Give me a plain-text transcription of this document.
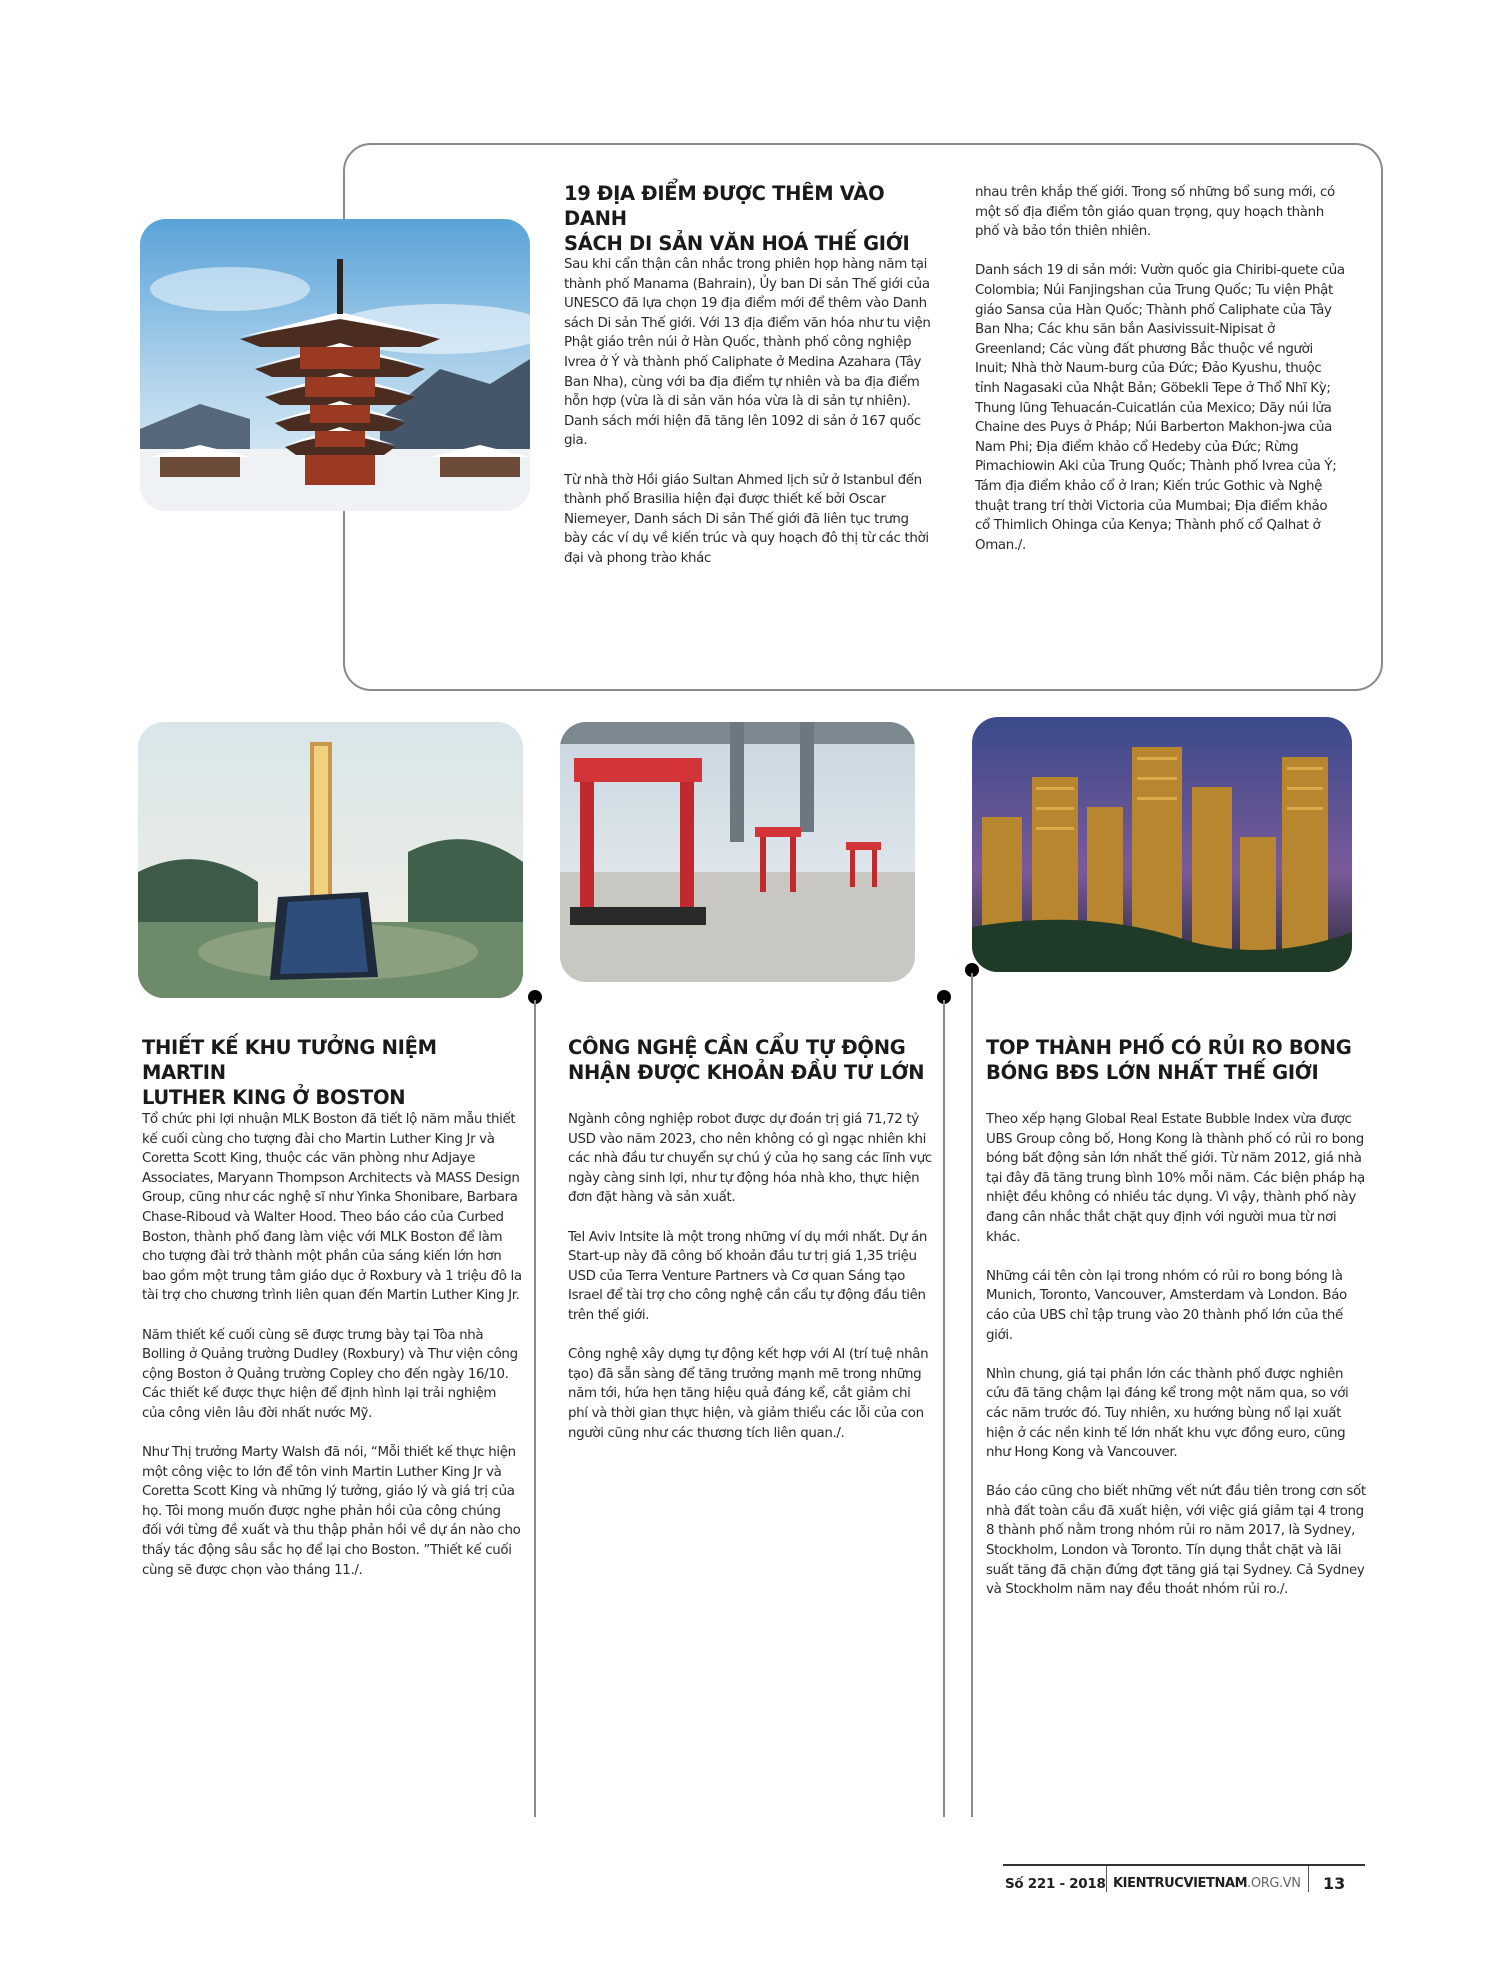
19 ĐỊA ĐIỂM ĐƯỢC THÊM VÀO DANH
SÁCH DI SẢN VĂN HOÁ THẾ GIỚI

Sau khi cẩn thận cân nhắc trong phiên họp hàng năm tại thành phố Manama (Bahrain), Ủy ban Di sản Thế giới của UNESCO đã lựa chọn 19 địa điểm mới để thêm vào Danh sách Di sản Thế giới. Với 13 địa điểm văn hóa như tu viện Phật giáo trên núi ở Hàn Quốc, thành phố công nghiệp Ivrea ở Ý và thành phố Caliphate ở Medina Azahara (Tây Ban Nha), cùng với ba địa điểm tự nhiên và ba địa điểm hỗn hợp (vừa là di sản văn hóa vừa là di sản tự nhiên). Danh sách mới hiện đã tăng lên 1092 di sản ở 167 quốc gia.

Từ nhà thờ Hồi giáo Sultan Ahmed lịch sử ở Istanbul đến thành phố Brasilia hiện đại được thiết kế bởi Oscar Niemeyer, Danh sách Di sản Thế giới đã liên tục trưng bày các ví dụ về kiến trúc và quy hoạch đô thị từ các thời đại và phong trào khác

nhau trên khắp thế giới. Trong số những bổ sung mới, có một số địa điểm tôn giáo quan trọng, quy hoạch thành phố và bảo tồn thiên nhiên.

Danh sách 19 di sản mới: Vườn quốc gia Chiribi-quete của Colombia; Núi Fanjingshan của Trung Quốc; Tu viện Phật giáo Sansa của Hàn Quốc; Thành phố Caliphate của Tây Ban Nha; Các khu săn bắn Aasivissuit-Nipisat ở Greenland; Các vùng đất phương Bắc thuộc về người Inuit; Nhà thờ Naum-burg của Đức; Đảo Kyushu, thuộc tỉnh Nagasaki của Nhật Bản; Göbekli Tepe ở Thổ Nhĩ Kỳ; Thung lũng Tehuacán-Cuicatlán của Mexico; Dãy núi lửa Chaine des Puys ở Pháp; Núi Barberton Makhon-jwa của Nam Phi; Địa điểm khảo cổ Hedeby của Đức; Rừng Pimachiowin Aki của Trung Quốc; Thành phố Ivrea của Ý; Tám địa điểm khảo cổ ở Iran; Kiến trúc Gothic và Nghệ thuật trang trí thời Victoria của Mumbai; Địa điểm khảo cổ Thimlich Ohinga của Kenya; Thành phố cổ Qalhat ở Oman./.

THIẾT KẾ KHU TƯỞNG NIỆM MARTIN
LUTHER KING Ở BOSTON

Tổ chức phi lợi nhuận MLK Boston đã tiết lộ năm mẫu thiết kế cuối cùng cho tượng đài cho Martin Luther King Jr và Coretta Scott King, thuộc các văn phòng như Adjaye Associates, Maryann Thompson Architects và MASS Design Group, cũng như các nghệ sĩ như Yinka Shonibare, Barbara Chase-Riboud và Walter Hood. Theo báo cáo của Curbed Boston, thành phố đang làm việc với MLK Boston để làm cho tượng đài trở thành một phần của sáng kiến lớn hơn bao gồm một trung tâm giáo dục ở Roxbury và 1 triệu đô la tài trợ cho chương trình liên quan đến Martin Luther King Jr.

Năm thiết kế cuối cùng sẽ được trưng bày tại Tòa nhà Bolling ở Quảng trường Dudley (Roxbury) và Thư viện công cộng Boston ở Quảng trường Copley cho đến ngày 16/10. Các thiết kế được thực hiện để định hình lại trải nghiệm của công viên lâu đời nhất nước Mỹ.

Như Thị trưởng Marty Walsh đã nói, “Mỗi thiết kế thực hiện một công việc to lớn để tôn vinh Martin Luther King Jr và Coretta Scott King và những lý tưởng, giáo lý và giá trị của họ. Tôi mong muốn được nghe phản hồi của công chúng đối với từng đề xuất và thu thập phản hồi về dự án nào cho thấy tác động sâu sắc họ để lại cho Boston. ”Thiết kế cuối cùng sẽ được chọn vào tháng 11./.

CÔNG NGHỆ CẦN CẨU TỰ ĐỘNG
NHẬN ĐƯỢC KHOẢN ĐẦU TƯ LỚN

Ngành công nghiệp robot được dự đoán trị giá 71,72 tỷ USD vào năm 2023, cho nên không có gì ngạc nhiên khi các nhà đầu tư chuyển sự chú ý của họ sang các lĩnh vực ngày càng sinh lợi, như tự động hóa nhà kho, thực hiện đơn đặt hàng và sản xuất.

Tel Aviv Intsite là một trong những ví dụ mới nhất. Dự án Start-up này đã công bố khoản đầu tư trị giá 1,35 triệu USD của Terra Venture Partners và Cơ quan Sáng tạo Israel để tài trợ cho công nghệ cần cẩu tự động đầu tiên trên thế giới.

Công nghệ xây dựng tự động kết hợp với AI (trí tuệ nhân tạo) đã sẵn sàng để tăng trưởng mạnh mẽ trong những năm tới, hứa hẹn tăng hiệu quả đáng kể, cắt giảm chi phí và thời gian thực hiện, và giảm thiểu các lỗi của con người cũng như các thương tích liên quan./.

TOP THÀNH PHỐ CÓ RỦI RO BONG
BÓNG BĐS LỚN NHẤT THẾ GIỚI

Theo xếp hạng Global Real Estate Bubble Index vừa được UBS Group công bố, Hong Kong là thành phố có rủi ro bong bóng bất động sản lớn nhất thế giới. Từ năm 2012, giá nhà tại đây đã tăng trung bình 10% mỗi năm. Các biện pháp hạ nhiệt đều không có nhiều tác dụng. Vì vậy, thành phố này đang cân nhắc thắt chặt quy định với người mua từ nơi khác.

Những cái tên còn lại trong nhóm có rủi ro bong bóng là Munich, Toronto, Vancouver, Amsterdam và London. Báo cáo của UBS chỉ tập trung vào 20 thành phố lớn của thế giới.

Nhìn chung, giá tại phần lớn các thành phố được nghiên cứu đã tăng chậm lại đáng kể trong một năm qua, so với các năm trước đó. Tuy nhiên, xu hướng bùng nổ lại xuất hiện ở các nền kinh tế lớn nhất khu vực đồng euro, cũng như Hong Kong và Vancouver.

Báo cáo cũng cho biết những vết nứt đầu tiên trong cơn sốt nhà đất toàn cầu đã xuất hiện, với việc giá giảm tại 4 trong 8 thành phố nằm trong nhóm rủi ro năm 2017, là Sydney, Stockholm, London và Toronto. Tín dụng thắt chặt và lãi suất tăng đã chặn đứng đợt tăng giá tại Sydney. Cả Sydney và Stockholm năm nay đều thoát nhóm rủi ro./.

Số 221 - 2018 KIENTRUCVIETNAM.ORG.VN 13
